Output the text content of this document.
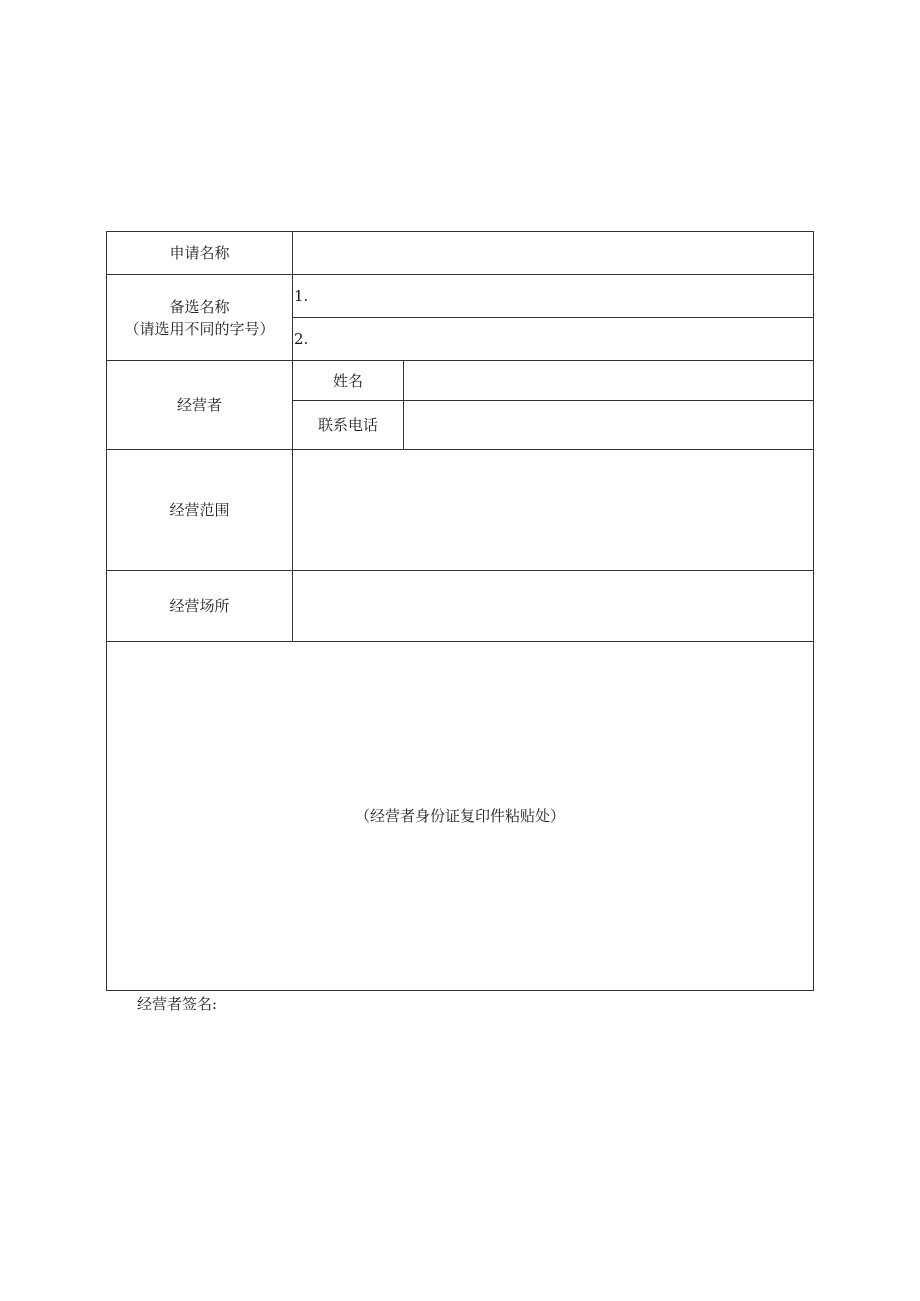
申请名称
备选名称
（请选用不同的字号）
1.
2.
经营者
姓名
联系电话
经营范围
经营场所
（经营者身份证复印件粘贴处）
经营者签名:
